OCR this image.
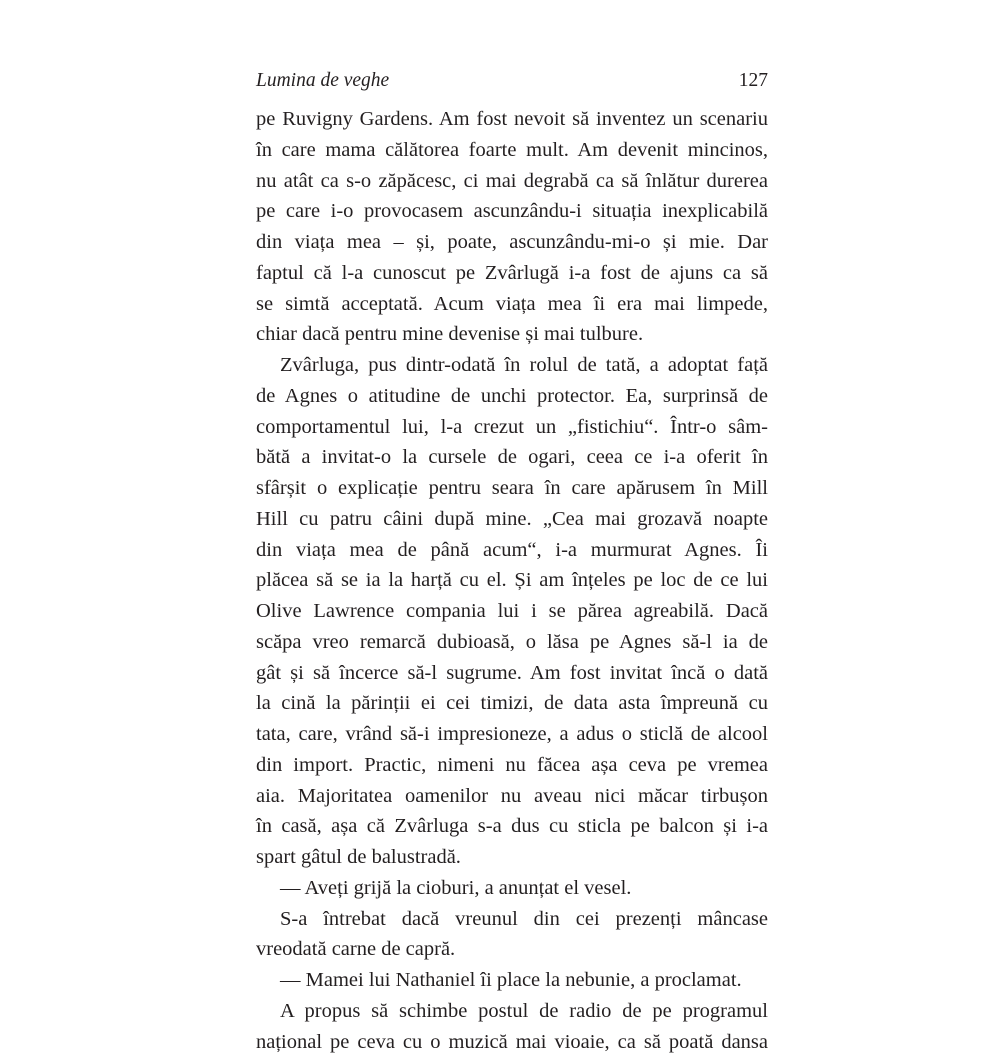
Lumina de veghe	127
pe Ruvigny Gardens. Am fost nevoit să inventez un scenariu
în care mama călătorea foarte mult. Am devenit mincinos,
nu atât ca s-o zăpăcesc, ci mai degrabă ca să înlătur durerea
pe care i-o provocasem ascunzându-i situația inexplicabilă
din viața mea – și, poate, ascunzându-mi-o și mie. Dar
faptul că l-a cunoscut pe Zvârlugă i-a fost de ajuns ca să
se simtă acceptată. Acum viața mea îi era mai limpede,
chiar dacă pentru mine devenise și mai tulbure.
Zvârluga, pus dintr-odată în rolul de tată, a adoptat față
de Agnes o atitudine de unchi protector. Ea, surprinsă de
comportamentul lui, l-a crezut un „fistichiu“. Într-o sâm-
bătă a invitat-o la cursele de ogari, ceea ce i-a oferit în
sfârșit o explicație pentru seara în care apărusem în Mill
Hill cu patru câini după mine. „Cea mai grozavă noapte
din viața mea de până acum“, i-a murmurat Agnes. Îi
plăcea să se ia la harță cu el. Și am înțeles pe loc de ce lui
Olive Lawrence compania lui i se părea agreabilă. Dacă
scăpa vreo remarcă dubioasă, o lăsa pe Agnes să-l ia de
gât și să încerce să-l sugrume. Am fost invitat încă o dată
la cină la părinții ei cei timizi, de data asta împreună cu
tata, care, vrând să-i impresioneze, a adus o sticlă de alcool
din import. Practic, nimeni nu făcea așa ceva pe vremea
aia. Majoritatea oamenilor nu aveau nici măcar tirbușon
în casă, așa că Zvârluga s-a dus cu sticla pe balcon și i-a
spart gâtul de balustradă.
— Aveți grijă la cioburi, a anunțat el vesel.
S-a întrebat dacă vreunul din cei prezenți mâncase
vreodată carne de capră.
— Mamei lui Nathaniel îi place la nebunie, a proclamat.
A propus să schimbe postul de radio de pe programul
național pe ceva cu o muzică mai vioaie, ca să poată dansa
